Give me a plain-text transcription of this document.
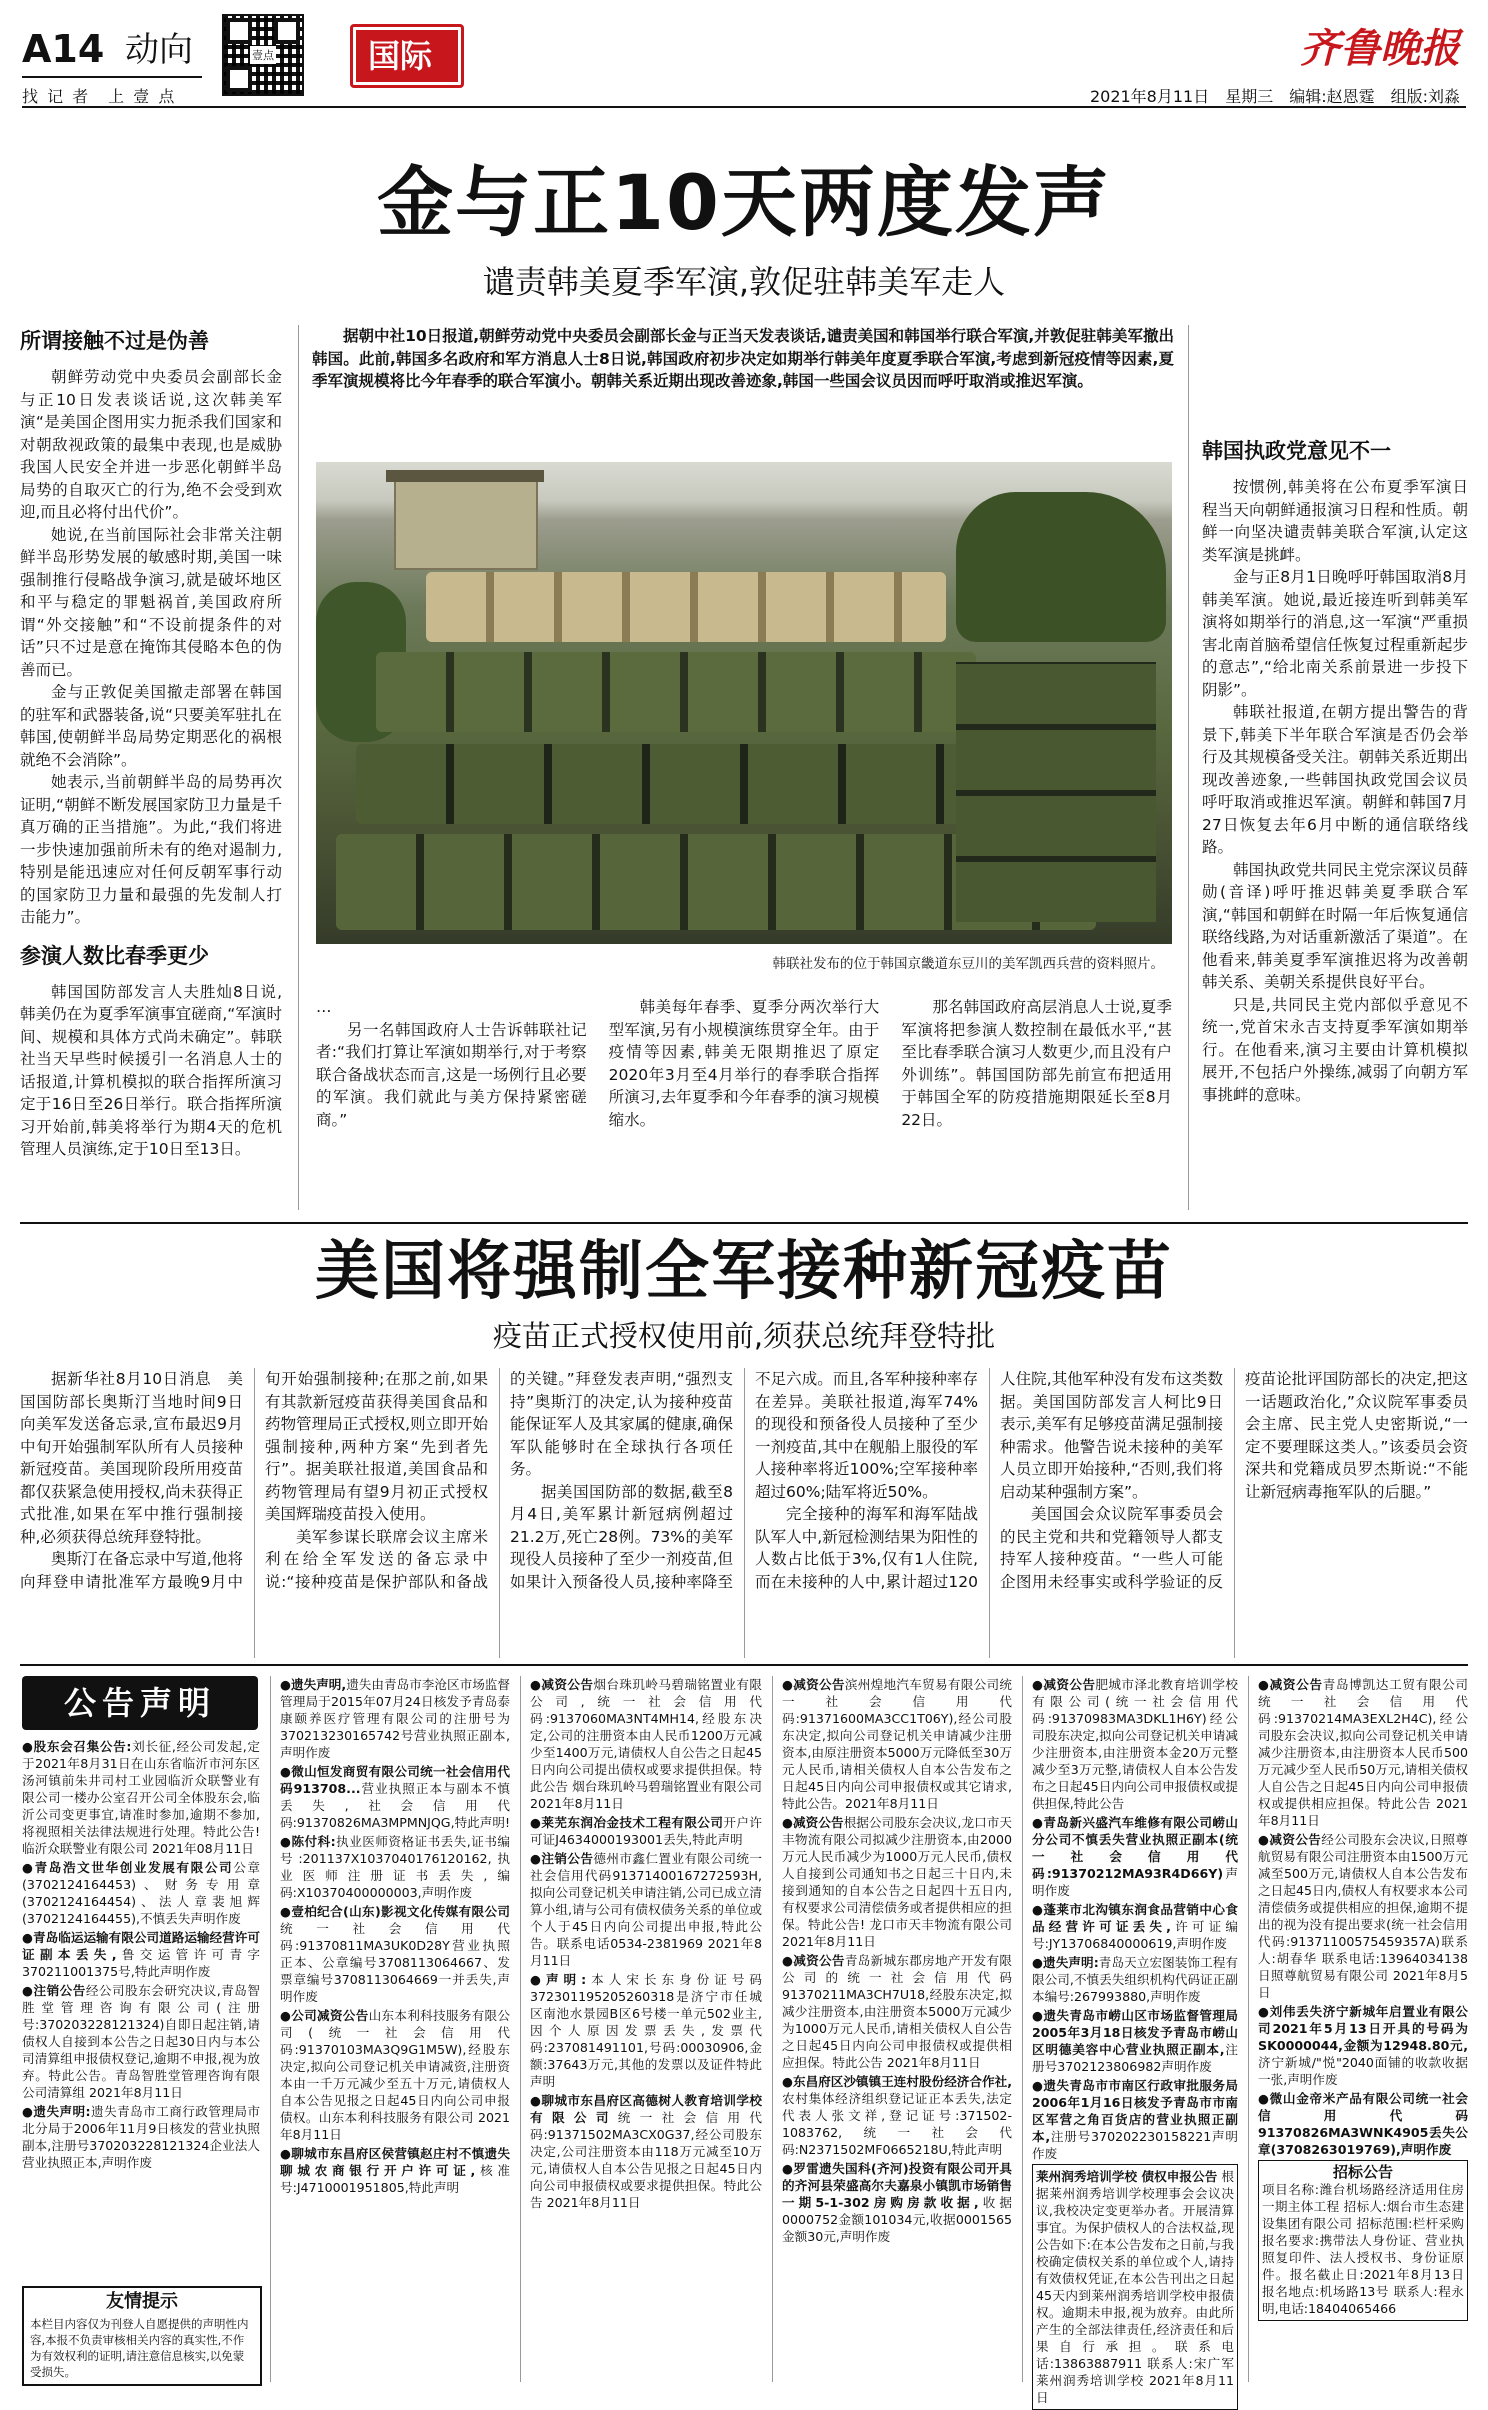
A14 动向
找 记 者　上 壹 点
壹点	国际	齐鲁晚报
2021年8月11日　星期三　编辑:赵恩霆　组版:刘淼
金与正10天两度发声
谴责韩美夏季军演,敦促驻韩美军走人
所谓接触不过是伪善

朝鲜劳动党中央委员会副部长金与正10日发表谈话说,这次韩美军演“是美国企图用实力扼杀我们国家和对朝敌视政策的最集中表现,也是威胁我国人民安全并进一步恶化朝鲜半岛局势的自取灭亡的行为,绝不会受到欢迎,而且必将付出代价”。

她说,在当前国际社会非常关注朝鲜半岛形势发展的敏感时期,美国一味强制推行侵略战争演习,就是破坏地区和平与稳定的罪魁祸首,美国政府所谓“外交接触”和“不设前提条件的对话”只不过是意在掩饰其侵略本色的伪善而已。

金与正敦促美国撤走部署在韩国的驻军和武器装备,说“只要美军驻扎在韩国,使朝鲜半岛局势定期恶化的祸根就绝不会消除”。

她表示,当前朝鲜半岛的局势再次证明,“朝鲜不断发展国家防卫力量是千真万确的正当措施”。为此,“我们将进一步快速加强前所未有的绝对遏制力,特别是能迅速应对任何反朝军事行动的国家防卫力量和最强的先发制人打击能力”。

参演人数比春季更少

韩国国防部发言人夫胜灿8日说,韩美仍在为夏季军演事宜磋商,“军演时间、规模和具体方式尚未确定”。韩联社当天早些时候援引一名消息人士的话报道,计算机模拟的联合指挥所演习定于16日至26日举行。联合指挥所演习开始前,韩美将举行为期4天的危机管理人员演练,定于10日至13日。

据朝中社10日报道,朝鲜劳动党中央委员会副部长金与正当天发表谈话,谴责美国和韩国举行联合军演,并敦促驻韩美军撤出韩国。此前,韩国多名政府和军方消息人士8日说,韩国政府初步决定如期举行韩美年度夏季联合军演,考虑到新冠疫情等因素,夏季军演规模将比今年春季的联合军演小。朝韩关系近期出现改善迹象,韩国一些国会议员因而呼吁取消或推迟军演。

韩联社发布的位于韩国京畿道东豆川的美军凯西兵营的资料照片。

…

另一名韩国政府人士告诉韩联社记者:“我们打算让军演如期举行,对于考察联合备战状态而言,这是一场例行且必要的军演。我们就此与美方保持紧密磋商。”

韩美每年春季、夏季分两次举行大型军演,另有小规模演练贯穿全年。由于疫情等因素,韩美无限期推迟了原定2020年3月至4月举行的春季联合指挥所演习,去年夏季和今年春季的演习规模缩水。

那名韩国政府高层消息人士说,夏季军演将把参演人数控制在最低水平,“甚至比春季联合演习人数更少,而且没有户外训练”。韩国国防部先前宣布把适用于韩国全军的防疫措施期限延长至8月22日。

韩国执政党意见不一

按惯例,韩美将在公布夏季军演日程当天向朝鲜通报演习日程和性质。朝鲜一向坚决谴责韩美联合军演,认定这类军演是挑衅。

金与正8月1日晚呼吁韩国取消8月韩美军演。她说,最近接连听到韩美军演将如期举行的消息,这一军演“严重损害北南首脑希望信任恢复过程重新起步的意志”,“给北南关系前景进一步投下阴影”。

韩联社报道,在朝方提出警告的背景下,韩美下半年联合军演是否仍会举行及其规模备受关注。朝韩关系近期出现改善迹象,一些韩国执政党国会议员呼吁取消或推迟军演。朝鲜和韩国7月27日恢复去年6月中断的通信联络线路。

韩国执政党共同民主党宗深议员薛勋(音译)呼吁推迟韩美夏季联合军演,“韩国和朝鲜在时隔一年后恢复通信联络线路,为对话重新激活了渠道”。在他看来,韩美夏季军演推迟将为改善朝韩关系、美朝关系提供良好平台。

只是,共同民主党内部似乎意见不统一,党首宋永吉支持夏季军演如期举行。在他看来,演习主要由计算机模拟展开,不包括户外操练,减弱了向朝方军事挑衅的意味。

美国将强制全军接种新冠疫苗
疫苗正式授权使用前,须获总统拜登特批

据新华社8月10日消息　美国国防部长奥斯汀当地时间9日向美军发送备忘录,宣布最迟9月中旬开始强制军队所有人员接种新冠疫苗。美国现阶段所用疫苗都仅获紧急使用授权,尚未获得正式批准,如果在军中推行强制接种,必须获得总统拜登特批。

奥斯汀在备忘录中写道,他将向拜登申请批准军方最晚9月中旬开始强制接种;在那之前,如果有其款新冠疫苗获得美国食品和药物管理局正式授权,则立即开始强制接种,两种方案“先到者先行”。据美联社报道,美国食品和药物管理局有望9月初正式授权美国辉瑞疫苗投入使用。

美军参谋长联席会议主席米利在给全军发送的备忘录中说:“接种疫苗是保护部队和备战的关键。”拜登发表声明,“强烈支持”奥斯汀的决定,认为接种疫苗能保证军人及其家属的健康,确保军队能够时在全球执行各项任务。

据美国国防部的数据,截至8月4日,美军累计新冠病例超过21.2万,死亡28例。73%的美军现役人员接种了至少一剂疫苗,但如果计入预备役人员,接种率降至不足六成。而且,各军种接种率存在差异。美联社报道,海军74%的现役和预备役人员接种了至少一剂疫苗,其中在舰船上服役的军人接种率将近100%;空军接种率超过60%;陆军将近50%。

完全接种的海军和海军陆战队军人中,新冠检测结果为阳性的人数占比低于3%,仅有1人住院,而在未接种的人中,累计超过120人住院,其他军种没有发布这类数据。美国国防部发言人柯比9日表示,美军有足够疫苗满足强制接种需求。他警告说未接种的美军人员立即开始接种,“否则,我们将启动某种强制方案”。

美国国会众议院军事委员会的民主党和共和党籍领导人都支持军人接种疫苗。“一些人可能企图用未经事实或科学验证的反疫苗论批评国防部长的决定,把这一话题政治化,”众议院军事委员会主席、民主党人史密斯说,“一定不要理睬这类人。”该委员会资深共和党籍成员罗杰斯说:“不能让新冠病毒拖军队的后腿。”

公告声明

●股东会召集公告:刘长征,经公司发起,定于2021年8月31日在山东省临沂市河东区汤河镇前朱井司村工业园临沂众联警业有限公司一楼办公室召开公司全体股东会,临沂公司变更事宜,请准时参加,逾期不参加,将视照相关法律法规进行处理。特此公告!临沂众联警业有限公司 2021年08月11日

●青岛浩文世华创业发展有限公司公章(3702124164453)、财务专用章(3702124164454)、法人章裴旭辉(3702124164455),不慎丢失声明作废

●青岛临运运输有限公司道路运输经营许可证副本丢失,鲁交运管许可青字370211001375号,特此声明作废

●注销公告经公司股东会研究决议,青岛智胜堂管理咨询有限公司(注册号:370203228121324)自即日起注销,请债权人自接到本公告之日起30日内与本公司清算组申报债权登记,逾期不申报,视为放弃。特此公告。青岛智胜堂管理咨询有限公司清算组 2021年8月11日

●遗失声明:遗失青岛市工商行政管理局市北分局于2006年11月9日核发的营业执照副本,注册号370203228121324企业法人营业执照正本,声明作废

友情提示
本栏目内容仅为刊登人自愿提供的声明性内容,本报不负责审核相关内容的真实性,不作为有效权利的证明,请注意信息核实,以免蒙受损失。

●遗失声明,遗失由青岛市李沧区市场监督管理局于2015年07月24日核发予青岛泰康颐养医疗管理有限公司的注册号为370213230165742号营业执照正副本,声明作废

●微山恒发商贸有限公司统一社会信用代码913708...营业执照正本与副本不慎丢失,社会信用代码:91370826MA3MPMNJQG,特此声明!

●陈付科:执业医师资格证书丢失,证书编号:201137X1037040176120162,执业医师注册证书丢失,编码:X10370400000003,声明作废

●壹柏纪合(山东)影视文化传媒有限公司统一社会信用代码:91370811MA3UK0D28Y营业执照正本、公章编号3708113064667、发票章编号3708113064669一并丢失,声明作废

●公司减资公告山东本利科技服务有限公司(统一社会信用代码:91370103MA3Q9G1M5W),经股东决定,拟向公司登记机关申请减资,注册资本由一千万元减少至五十万元,请债权人自本公告见报之日起45日内向公司申报债权。山东本利科技服务有限公司 2021年8月11日

●聊城市东昌府区侯营镇赵庄村不慎遗失聊城农商银行开户许可证,核准号:J4710001951805,特此声明

●减资公告烟台珠玑岭马碧瑞铭置业有限公司,统一社会信用代码:9137060MA3NT4MH14,经股东决定,公司的注册资本由人民币1200万元减少至1400万元,请债权人自公告之日起45日内向公司提出债权或要求提供担保。特此公告 烟台珠玑岭马碧瑞铭置业有限公司 2021年8月11日

●莱芜东润冶金技术工程有限公司开户许可证J4634000193001丢失,特此声明

●注销公告德州市鑫仁置业有限公司统一社会信用代码91371400167272593H,拟向公司登记机关申请注销,公司已成立清算小组,请与公司有债权债务关系的单位或个人于45日内向公司提出申报,特此公告。联系电话0534-2381969 2021年8月11日

●声明:本人宋长东身份证号码372301195205260318是济宁市任城区南池水景园B区6号楼一单元502业主,因个人原因发票丢失,发票代码:237081491101,号码:00030906,金额:37643万元,其他的发票以及证件特此声明

●聊城市东昌府区高德树人教育培训学校有限公司统一社会信用代码:91371502MA3CX0G37,经公司股东决定,公司注册资本由118万元减至10万元,请债权人自本公告见报之日起45日内向公司申报债权或要求提供担保。特此公告 2021年8月11日

●减资公告滨州煌地汽车贸易有限公司统一社会信用代码:91371600MA3CC1T06Y),经公司股东决定,拟向公司登记机关申请减少注册资本,由原注册资本5000万元降低至30万元人民币,请相关债权人自本公告发布之日起45日内向公司申报债权或其它请求,特此公告。2021年8月11日

●减资公告根据公司股东会决议,龙口市天丰物流有限公司拟减少注册资本,由2000万元人民币减少为1000万元人民币,债权人自接到公司通知书之日起三十日内,未接到通知的自本公告之日起四十五日内,有权要求公司清偿债务或者提供相应的担保。特此公告! 龙口市天丰物流有限公司 2021年8月11日

●减资公告青岛新城东郡房地产开发有限公司的统一社会信用代码91370211MA3CH7U18,经股东决定,拟减少注册资本,由注册资本5000万元减少为1000万元人民币,请相关债权人自公告之日起45日内向公司申报债权或提供相应担保。特此公告 2021年8月11日

●东昌府区沙镇镇王连村股份经济合作社,农村集体经济组织登记证正本丢失,法定代表人张文祥,登记证号:371502-1083762,统一社会代码:N2371502MF0665218U,特此声明

●罗雷遗失国科(齐河)投资有限公司开具的齐河县荣盛高尔夫嘉泉小镇凯市场销售一期5-1-302房购房款收据,收据0000752金额101034元,收据0001565金额30元,声明作废

●减资公告肥城市泽北教育培训学校有限公司(统一社会信用代码:91370983MA3DKL1H6Y)经公司股东决定,拟向公司登记机关申请减少注册资本,由注册资本金20万元整减少至3万元整,请债权人自本公告发布之日起45日内向公司申报债权或提供担保,特此公告

●青岛新兴盛汽车维修有限公司崂山分公司不慎丢失营业执照正副本(统一社会信用代码:91370212MA93R4D66Y)声明作废

●蓬莱市北沟镇东润食品营销中心食品经营许可证丢失,许可证编号:JY13706840000619,声明作废

●遗失声明:青岛天立宏图装饰工程有限公司,不慎丢失组织机构代码证正副本编号:267993880,声明作废

●遗失青岛市崂山区市场监督管理局2005年3月18日核发予青岛市崂山区明德美容中心营业执照正副本,注册号3702123806982声明作废

●遗失青岛市市南区行政审批服务局2006年1月16日核发予青岛市市南区军营之角百货店的营业执照正副本,注册号370202230158221声明作废

莱州润秀培训学校 债权申报公告 根据莱州润秀培训学校理事会会议决议,我校决定变更举办者。开展清算事宜。为保护债权人的合法权益,现公告如下:在本公告发布之日前,与我校确定债权关系的单位或个人,请持有效债权凭证,在本公告刊出之日起45天内到莱州润秀培训学校申报债权。逾期未申报,视为放弃。由此所产生的全部法律责任,经济责任和后果自行承担。联系电话:13863887911 联系人:宋广军 莱州润秀培训学校 2021年8月11日

●减资公告青岛博凯达工贸有限公司统一社会信用代码:91370214MA3EXL2H4C),经公司股东会决议,拟向公司登记机关申请减少注册资本,由注册资本人民币500万元减少至人民币50万元,请相关债权人自公告之日起45日内向公司申报债权或提供相应担保。特此公告 2021年8月11日

●减资公告经公司股东会决议,日照尊航贸易有限公司注册资本由1500万元减至500万元,请债权人自本公告发布之日起45日内,债权人有权要求本公司清偿债务或提供相应的担保,逾期不提出的视为没有提出要求(统一社会信用代码:91371100575459357A)联系人:胡春华 联系电话:13964034138 日照尊航贸易有限公司 2021年8月5日

●刘伟丢失济宁新城年启置业有限公司2021年5月13日开具的号码为SK0000044,金额为12948.80元,济宁新城/"悦"2040面铺的收款收据一张,声明作废

●微山金帝米产品有限公司统一社会信用代码91370826MA3WNK4905丢失公章(3708263019769),声明作废

招标公告
项目名称:潍台机场路经济适用住房一期主体工程 招标人:烟台市生态建设集团有限公司 招标范围:栏杆采购 报名要求:携带法人身份证、营业执照复印件、法人授权书、身份证原件。报名截止日:2021年8月13日 报名地点:机场路13号 联系人:程永明,电话:18404065466
